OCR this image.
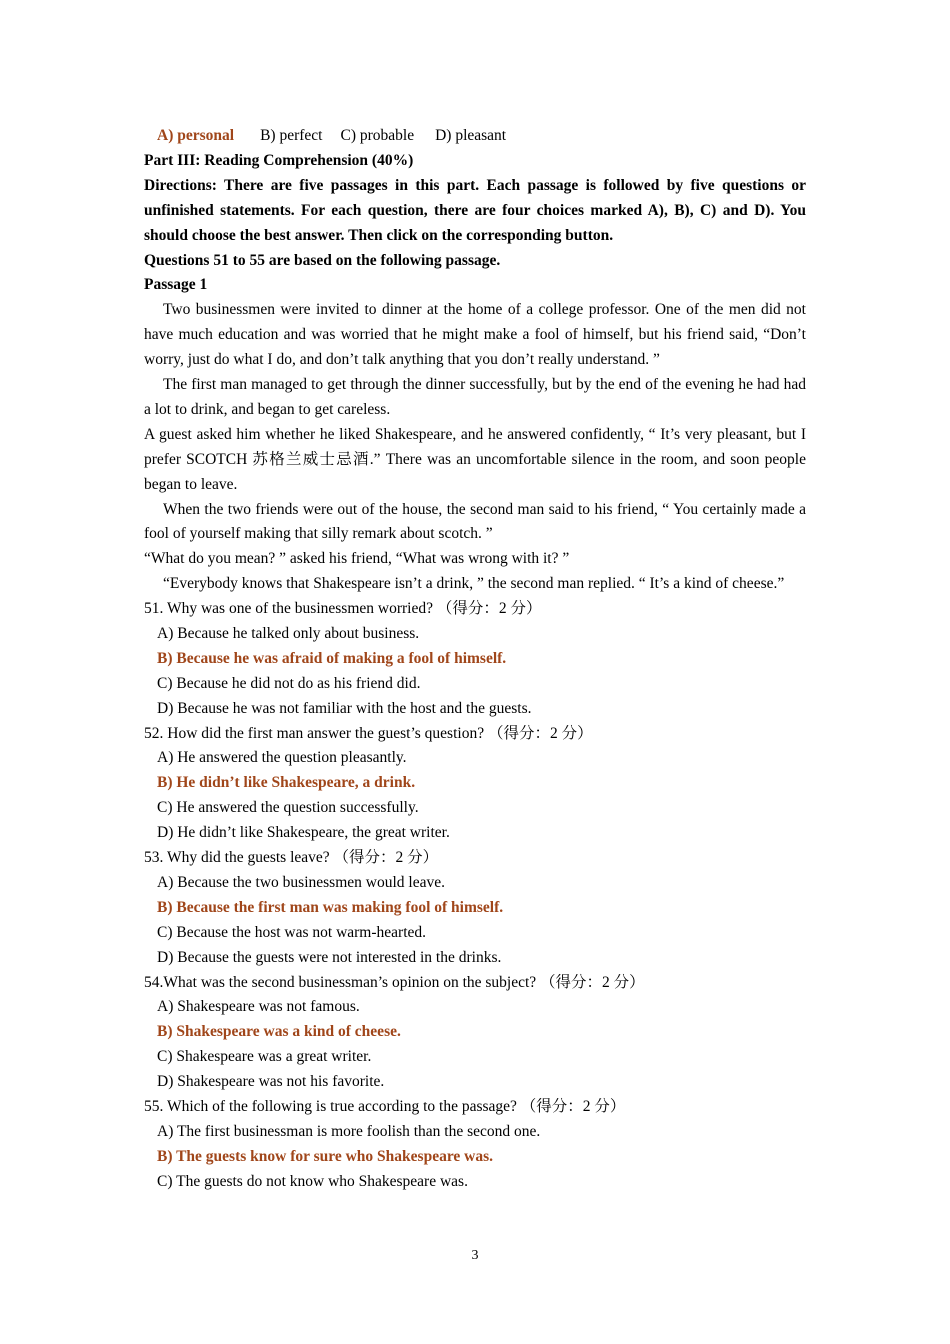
A) personal B) perfect C) probable D) pleasant
Part III: Reading Comprehension (40%)
Directions: There are five passages in this part. Each passage is followed by five questions or unfinished statements. For each question, there are four choices marked A), B), C) and D). You should choose the best answer. Then click on the corresponding button.
Questions 51 to 55 are based on the following passage.
Passage 1
Two businessmen were invited to dinner at the home of a college professor. One of the men did not have much education and was worried that he might make a fool of himself, but his friend said, “Don’t worry, just do what I do, and don’t talk anything that you don’t really understand. ”
The first man managed to get through the dinner successfully, but by the end of the evening he had had a lot to drink, and began to get careless.
A guest asked him whether he liked Shakespeare, and he answered confidently, “ It’s very pleasant, but I prefer SCOTCH 苏格兰威士忌酒.” There was an uncomfortable silence in the room, and soon people began to leave.
When the two friends were out of the house, the second man said to his friend, “ You certainly made a fool of yourself making that silly remark about scotch. ”
“What do you mean? ” asked his friend, “What was wrong with it? ”
“Everybody knows that Shakespeare isn’t a drink, ” the second man replied. “ It’s a kind of cheese.”
51. Why was one of the businessmen worried? （得分：2 分）
A) Because he talked only about business.
B) Because he was afraid of making a fool of himself.
C) Because he did not do as his friend did.
D) Because he was not familiar with the host and the guests.
52. How did the first man answer the guest’s question? （得分：2 分）
A) He answered the question pleasantly.
B) He didn’t like Shakespeare, a drink.
C) He answered the question successfully.
D) He didn’t like Shakespeare, the great writer.
53. Why did the guests leave? （得分：2 分）
A) Because the two businessmen would leave.
B) Because the first man was making fool of himself.
C) Because the host was not warm-hearted.
D) Because the guests were not interested in the drinks.
54.What was the second businessman’s opinion on the subject? （得分：2 分）
A) Shakespeare was not famous.
B) Shakespeare was a kind of cheese.
C) Shakespeare was a great writer.
D) Shakespeare was not his favorite.
55. Which of the following is true according to the passage? （得分：2 分）
A) The first businessman is more foolish than the second one.
B) The guests know for sure who Shakespeare was.
C) The guests do not know who Shakespeare was.
3
